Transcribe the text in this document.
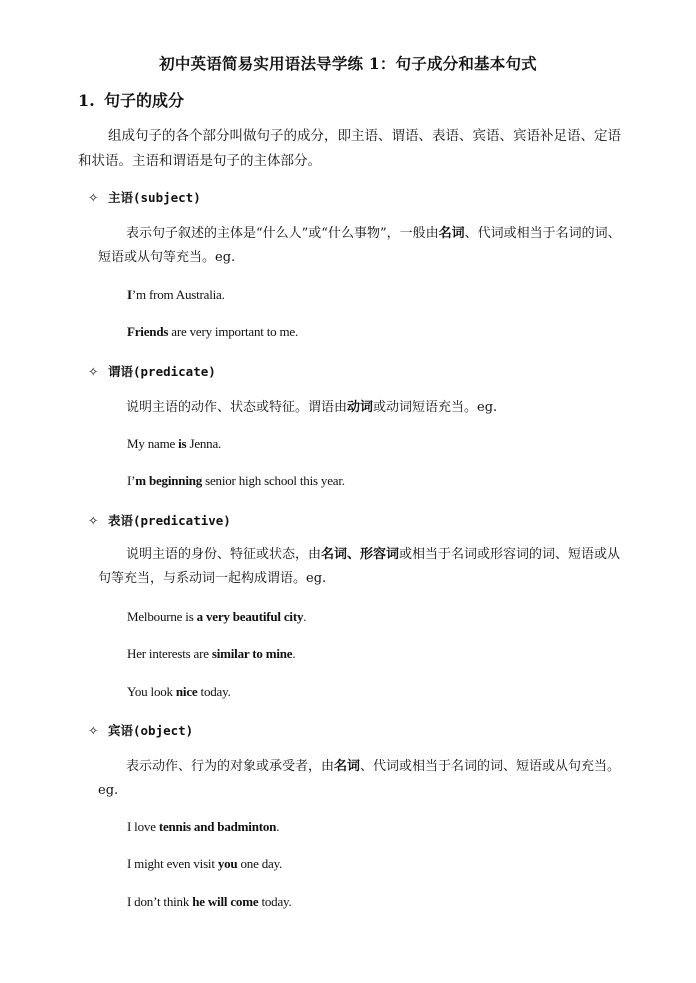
初中英语简易实用语法导学练 1：句子成分和基本句式
1. 句子的成分
组成句子的各个部分叫做句子的成分，即主语、谓语、表语、宾语、宾语补足语、定语和状语。主语和谓语是句子的主体部分。
✧ 主语(subject)
表示句子叙述的主体是“什么人”或“什么事物”，一般由名词、代词或相当于名词的词、短语或从句等充当。eg.
I’m from Australia.
Friends are very important to me.
✧ 谓语(predicate)
说明主语的动作、状态或特征。谓语由动词或动词短语充当。eg.
My name is Jenna.
I’m beginning senior high school this year.
✧ 表语(predicative)
说明主语的身份、特征或状态，由名词、形容词或相当于名词或形容词的词、短语或从句等充当，与系动词一起构成谓语。eg.
Melbourne is a very beautiful city.
Her interests are similar to mine.
You look nice today.
✧ 宾语(object)
表示动作、行为的对象或承受者，由名词、代词或相当于名词的词、短语或从句充当。eg.
I love tennis and badminton.
I might even visit you one day.
I don’t think he will come today.
